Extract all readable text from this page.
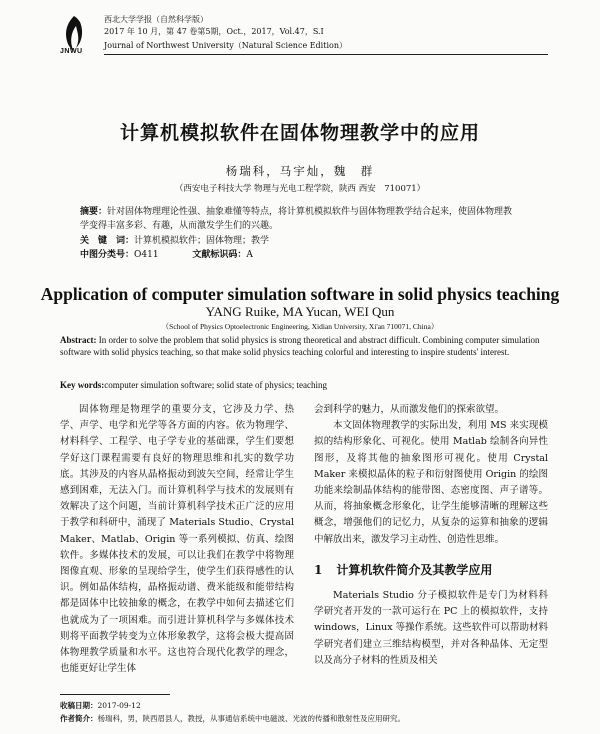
JNWU
西北大学学报（自然科学版）
2017 年 10 月，第 47 卷第5期，Oct.，2017，Vol.47，S.I
Journal of Northwest University（Natural Science Edition）
计算机模拟软件在固体物理教学中的应用
杨瑞科，马宇灿，魏　群
（西安电子科技大学 物理与光电工程学院，陕西 西安　710071）
摘要：针对固体物理理论性强、抽象难懂等特点，将计算机模拟软件与固体物理教学结合起来，使固体物理教学变得丰富多彩、有趣，从而激发学生们的兴趣。
关　键　词：计算机模拟软件；固体物理；教学
中图分类号：O411	文献标识码：A
Application of computer simulation software in solid physics teaching
YANG Ruike, MA Yucan, WEI Qun
（School of Physics Optoelectronic Engineering, Xidian University, Xi'an 710071, China）
Abstract: In order to solve the problem that solid physics is strong theoretical and abstract difficult. Combining computer simulation software with solid physics teaching, so that make solid physics teaching colorful and interesting to inspire students' interest.
Key words:computer simulation software; solid state of physics; teaching

固体物理是物理学的重要分支，它涉及力学、热学、声学、电学和光学等各方面的内容。依为物理学、材料科学、工程学、电子学专业的基础课，学生们要想学好这门课程需要有良好的物理思维和扎实的数学功底。其涉及的内容从晶格振动到波矢空间，经常让学生感到困难，无法入门。而计算机科学与技术的发展则有效解决了这个问题，当前计算机科学技术正广泛的应用于教学和科研中，涌现了 Materials Studio、Crystal Maker、Matlab、Origin 等一系列模拟、仿真、绘图软件。多媒体技术的发展，可以让我们在教学中将物理图像直观、形象的呈现给学生，使学生们获得感性的认识。例如晶体结构，晶格振动谱、费米能级和能带结构都是固体中比较抽象的概念，在教学中如何去描述它们也就成为了一项困难。而引进计算机科学与多媒体技术则将平面教学转变为立体形象教学，这将会极大提高固体物理教学质量和水平。这也符合现代化教学的理念，也能更好让学生体

会到科学的魅力，从而激发他们的探索欲望。

本文固体物理教学的实际出发，利用 MS 来实现模拟的结构形象化、可视化。使用 Matlab 绘制各向异性图形，及将其他的抽象图形可视化。使用 Crystal Maker 来模拟晶体的粒子和衍射图使用 Origin 的绘图功能来绘制晶体结构的能带图、态密度图、声子谱等。从而，将抽象概念形象化，让学生能够清晰的理解这些概念，增强他们的记忆力，从复杂的运算和抽象的逻辑中解放出来，激发学习主动性、创造性思维。

1 计算机软件简介及其教学应用

Materials Studio 分子模拟软件是专门为材料科学研究者开发的一款可运行在 PC 上的模拟软件，支持 windows，Linux 等操作系统。这些软件可以帮助材料学研究者们建立三维结构模型，并对各种晶体、无定型以及高分子材料的性质及相关

收稿日期：2017-09-12
作者简介：杨瑞科，男，陕西眉县人，教授，从事通信系统中电磁波、光波的传播和散射性及应用研究。
